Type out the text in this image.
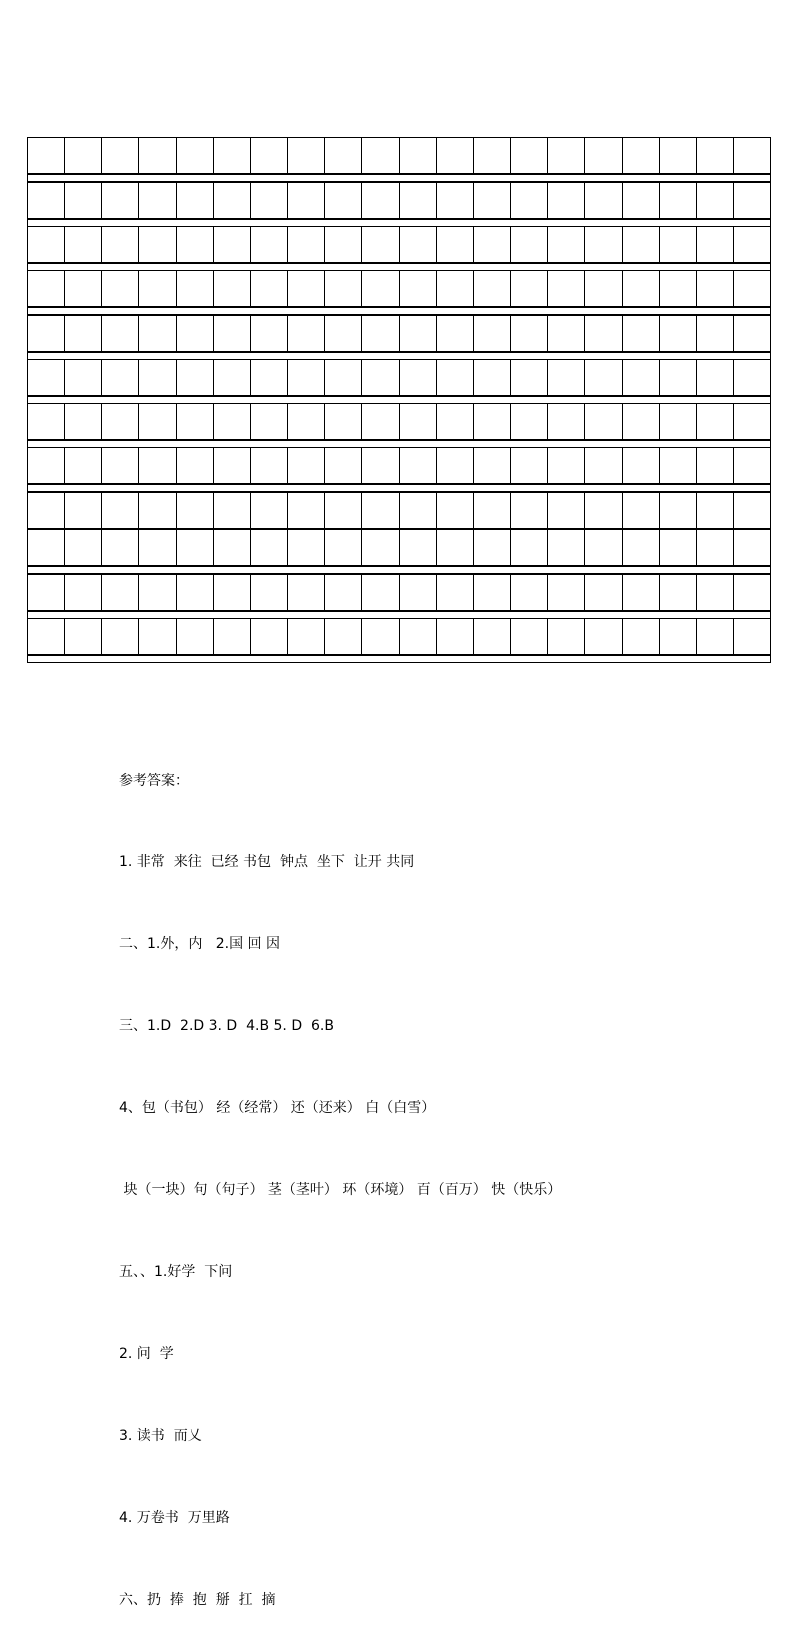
参考答案：

1. 非常  来往  已经 书包  钟点  坐下  让开 共同

二、1.外，内   2.国 回 因

三、1.D  2.D 3. D  4.B 5. D  6.B

4、包（书包） 经（经常） 还（还来） 白（白雪）

块（一块）句（句子） 茎（茎叶） 环（环境） 百（百万） 快（快乐）

五、、1.好学  下问

2. 问  学

3. 读书  而乂

4. 万卷书  万里路

六、扔  捧  抱  掰  扛  摘
